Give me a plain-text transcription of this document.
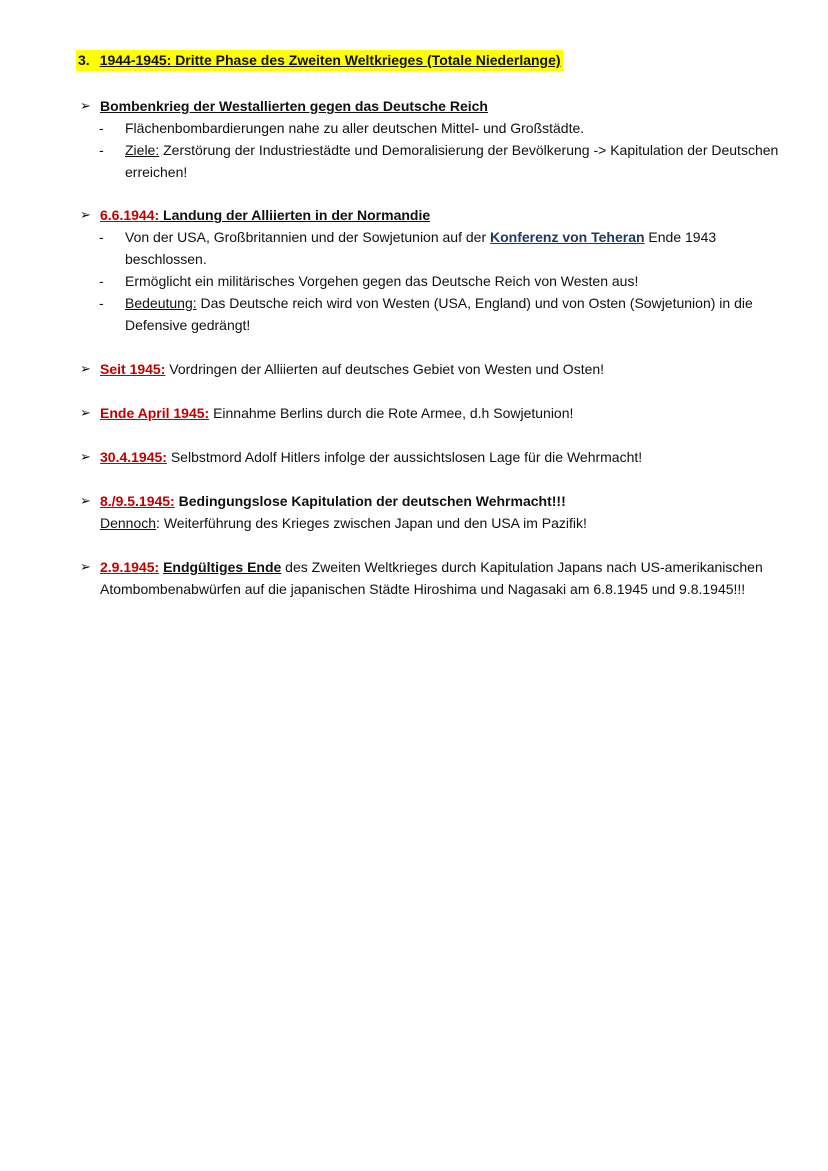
3. 1944-1945: Dritte Phase des Zweiten Weltkrieges (Totale Niederlange)
➢ Bombenkrieg der Westallierten gegen das Deutsche Reich
- Flächenbombardierungen nahe zu aller deutschen Mittel- und Großstädte.
- Ziele: Zerstörung der Industriestädte und Demoralisierung der Bevölkerung -> Kapitulation der Deutschen erreichen!
➢ 6.6.1944: Landung der Alliierten in der Normandie
- Von der USA, Großbritannien und der Sowjetunion auf der Konferenz von Teheran Ende 1943 beschlossen.
- Ermöglicht ein militärisches Vorgehen gegen das Deutsche Reich von Westen aus!
- Bedeutung: Das Deutsche reich wird von Westen (USA, England) und von Osten (Sowjetunion) in die Defensive gedrängt!
➢ Seit 1945: Vordringen der Alliierten auf deutsches Gebiet von Westen und Osten!
➢ Ende April 1945: Einnahme Berlins durch die Rote Armee, d.h Sowjetunion!
➢ 30.4.1945: Selbstmord Adolf Hitlers infolge der aussichtslosen Lage für die Wehrmacht!
➢ 8./9.5.1945: Bedingungslose Kapitulation der deutschen Wehrmacht!!!
Dennoch: Weiterführung des Krieges zwischen Japan und den USA im Pazifik!
➢ 2.9.1945: Endgültiges Ende des Zweiten Weltkrieges durch Kapitulation Japans nach US-amerikanischen Atombombenabwürfen auf die japanischen Städte Hiroshima und Nagasaki am 6.8.1945 und 9.8.1945!!!
